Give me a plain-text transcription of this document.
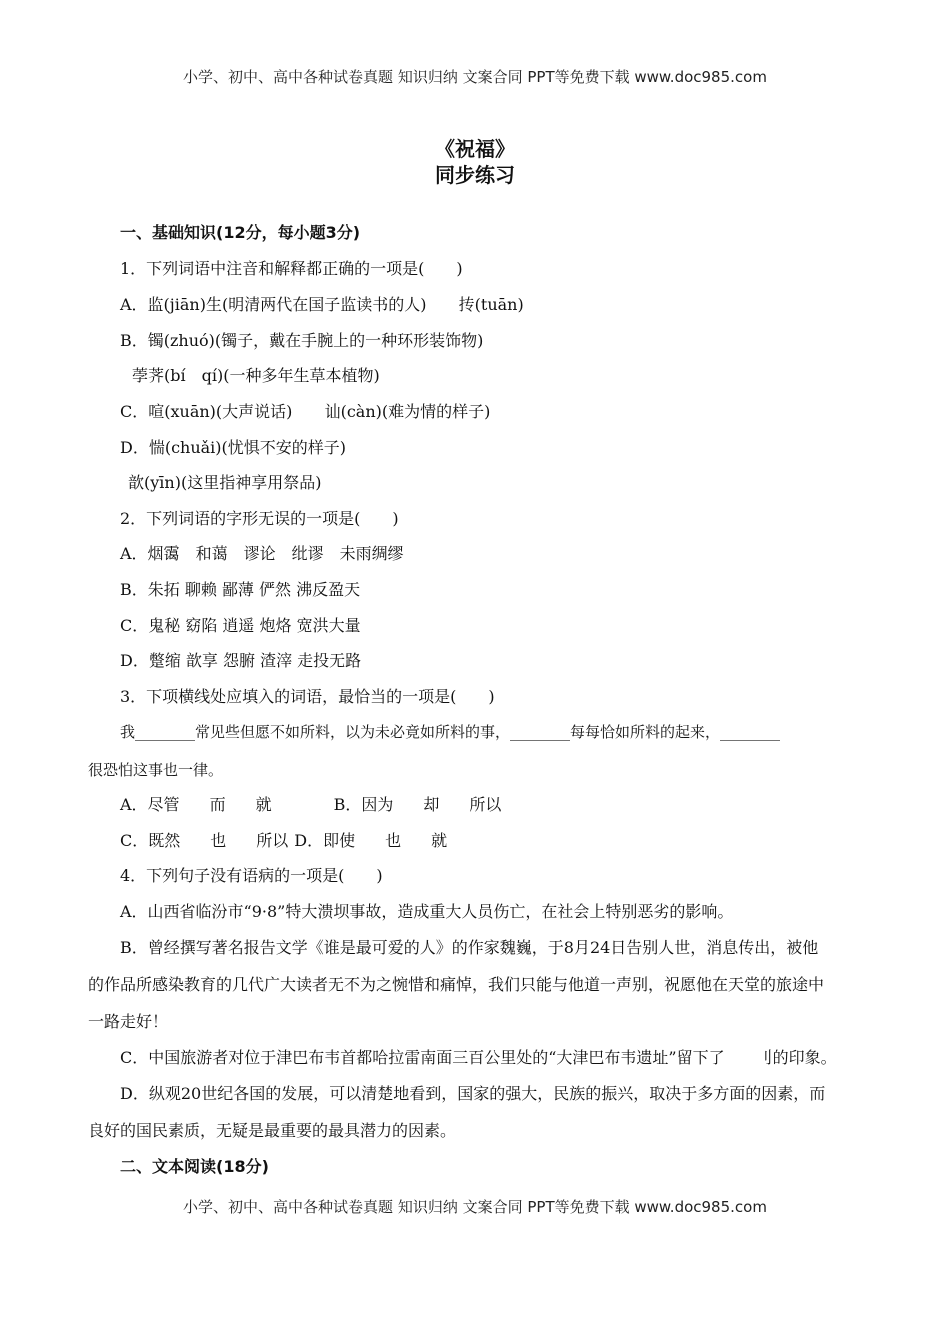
小学、初中、高中各种试卷真题 知识归纳 文案合同 PPT等免费下载 www.doc985.com
《祝福》
同步练习
一、基础知识(12分，每小题3分)
1．下列词语中注音和解释都正确的一项是(　　)
A．监(jiān)生(明清两代在国子监读书的人) 抟(tuān)
B．镯(zhuó)(镯子，戴在手腕上的一种环形装饰物)
荸荠(bí　qí)(一种多年生草本植物)
C．喧(xuān)(大声说话) 讪(càn)(难为情的样子)
D．惴(chuǎi)(忧惧不安的样子)
歆(yīn)(这里指神享用祭品)
2．下列词语的字形无误的一项是(　　)
A．烟霭 和蔼 谬论 纰谬 未雨绸缪
B．朱拓 聊赖 鄙薄 俨然 沸反盈天
C．鬼秘 窈陷 逍遥 炮烙 宽洪大量
D．蹩缩 歆享 怨腑 渣滓 走投无路
3．下项横线处应填入的词语，最恰当的一项是(　　)
我________常见些但愿不如所料，以为未必竟如所料的事，________每每恰如所料的起来，________
很恐怕这事也一律。
A．尽管 而 就	B．因为 却 所以
C．既然 也 所以 D．即使 也 就
4．下列句子没有语病的一项是(　　)
A．山西省临汾市“9·8”特大溃坝事故，造成重大人员伤亡，在社会上特别恶劣的影响。
B．曾经撰写著名报告文学《谁是最可爱的人》的作家魏巍，于8月24日告别人世，消息传出，被他
的作品所感染教育的几代广大读者无不为之惋惜和痛悼，我们只能与他道一声别，祝愿他在天堂的旅途中
一路走好！
C．中国旅游者对位于津巴布韦首都哈拉雷南面三百公里处的“大津巴布韦遗址”留下了　　刂的印象。
D．纵观20世纪各国的发展，可以清楚地看到，国家的强大，民族的振兴，取决于多方面的因素，而
良好的国民素质，无疑是最重要的最具潜力的因素。
二、文本阅读(18分)
小学、初中、高中各种试卷真题 知识归纳 文案合同 PPT等免费下载 www.doc985.com
